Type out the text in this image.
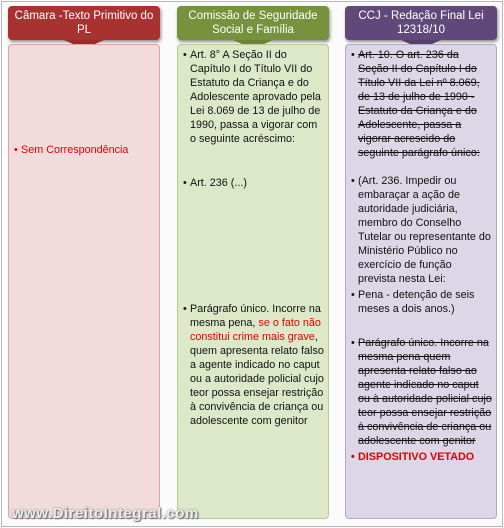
Câmara -Texto Primitivo do PL
• Sem Correspondência
Comissão de Seguridade Social e Família
• Art. 8° A Seção II do Capítulo I do Título VII do Estatuto da Criança e do Adolescente aprovado pela Lei 8.069 de 13 de julho de 1990, passa a vigorar com o seguinte acréscimo:
• Art. 236 (...)
• Parágrafo único. Incorre na mesma pena, se o fato não constitui crime mais grave, quem apresenta relato falso a agente indicado no caput ou a autoridade policial cujo teor possa ensejar restrição à convivência de criança ou adolescente com genitor
CCJ - Redação Final Lei 12318/10
• Art. 10. O art. 236 da Seção II do Capítulo I do Título VII da Lei nº 8.069, de 13 de julho de 1990 - Estatuto da Criança e do Adolescente, passa a vigorar acrescido do seguinte parágrafo único:
• (Art. 236. Impedir ou embaraçar a ação de autoridade judiciária, membro do Conselho Tutelar ou representante do Ministério Público no exercício de função prevista nesta Lei:
• Pena - detenção de seis meses a dois anos.)
• Parágrafo único. Incorre na mesma pena quem apresenta relato falso ao agente indicado no caput ou à autoridade policial cujo teor possa ensejar restrição à convivência de criança ou adolescente com genitor
• DISPOSITIVO VETADO
www.DireitoIntegral.com
